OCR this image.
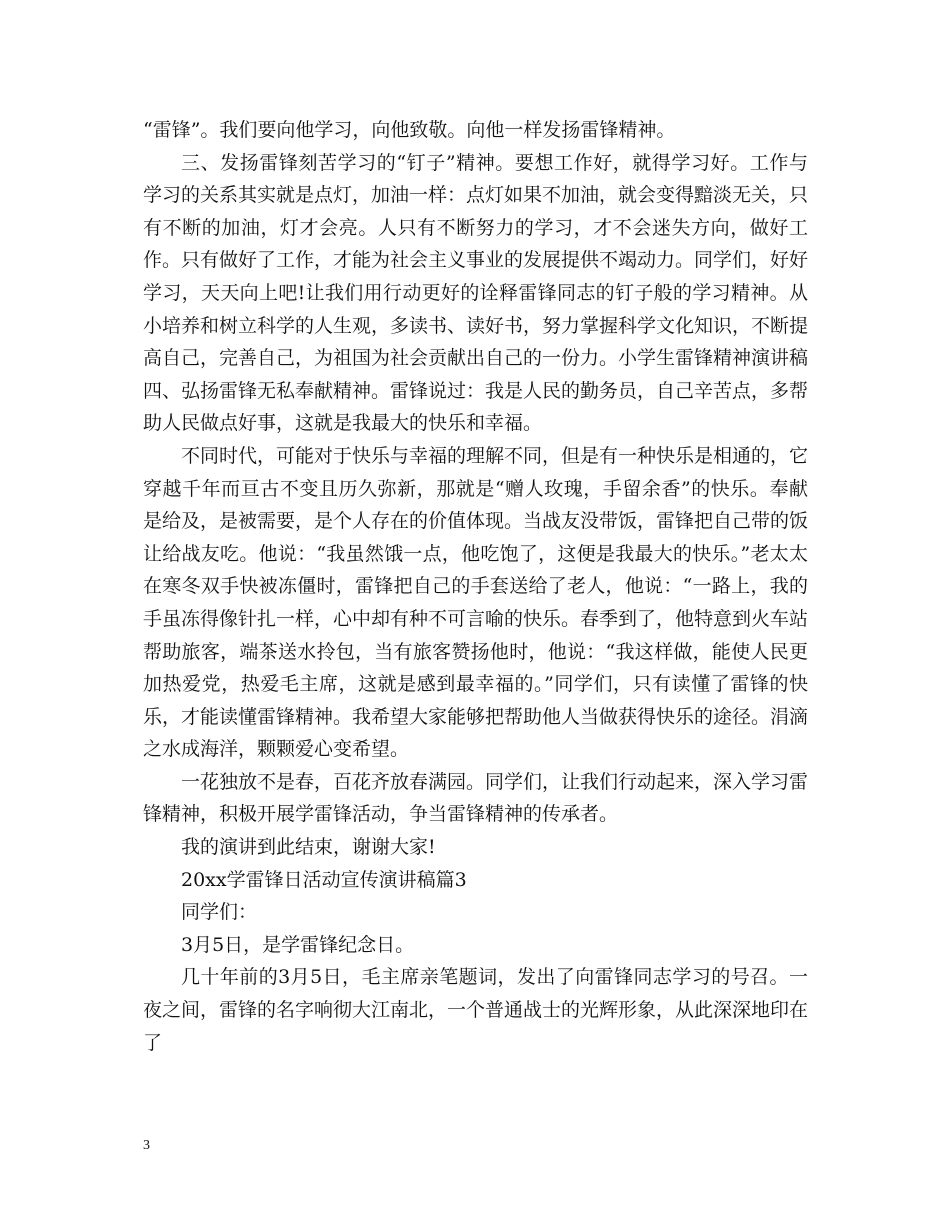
“雷锋”。我们要向他学习，向他致敬。向他一样发扬雷锋精神。

三、发扬雷锋刻苦学习的“钉子”精神。要想工作好，就得学习好。工作与学习的关系其实就是点灯，加油一样：点灯如果不加油，就会变得黯淡无关，只有不断的加油，灯才会亮。人只有不断努力的学习，才不会迷失方向，做好工作。只有做好了工作，才能为社会主义事业的发展提供不竭动力。同学们，好好学习，天天向上吧!让我们用行动更好的诠释雷锋同志的钉子般的学习精神。从小培养和树立科学的人生观，多读书、读好书，努力掌握科学文化知识，不断提高自己，完善自己，为祖国为社会贡献出自己的一份力。小学生雷锋精神演讲稿四、弘扬雷锋无私奉献精神。雷锋说过：我是人民的勤务员，自己辛苦点，多帮助人民做点好事，这就是我最大的快乐和幸福。

不同时代，可能对于快乐与幸福的理解不同，但是有一种快乐是相通的，它穿越千年而亘古不变且历久弥新，那就是“赠人玫瑰，手留余香”的快乐。奉献是给及，是被需要，是个人存在的价值体现。当战友没带饭，雷锋把自己带的饭让给战友吃。他说：“我虽然饿一点，他吃饱了，这便是我最大的快乐。”老太太在寒冬双手快被冻僵时，雷锋把自己的手套送给了老人，他说：“一路上，我的手虽冻得像针扎一样，心中却有种不可言喻的快乐。春季到了，他特意到火车站帮助旅客，端茶送水拎包，当有旅客赞扬他时，他说：“我这样做，能使人民更加热爱党，热爱毛主席，这就是感到最幸福的。”同学们，只有读懂了雷锋的快乐，才能读懂雷锋精神。我希望大家能够把帮助他人当做获得快乐的途径。涓滴之水成海洋，颗颗爱心变希望。

一花独放不是春，百花齐放春满园。同学们，让我们行动起来，深入学习雷锋精神，积极开展学雷锋活动，争当雷锋精神的传承者。

我的演讲到此结束，谢谢大家!

20xx学雷锋日活动宣传演讲稿篇3

同学们：

3月5日，是学雷锋纪念日。

几十年前的3月5日，毛主席亲笔题词，发出了向雷锋同志学习的号召。一夜之间，雷锋的名字响彻大江南北，一个普通战士的光辉形象，从此深深地印在了

3
